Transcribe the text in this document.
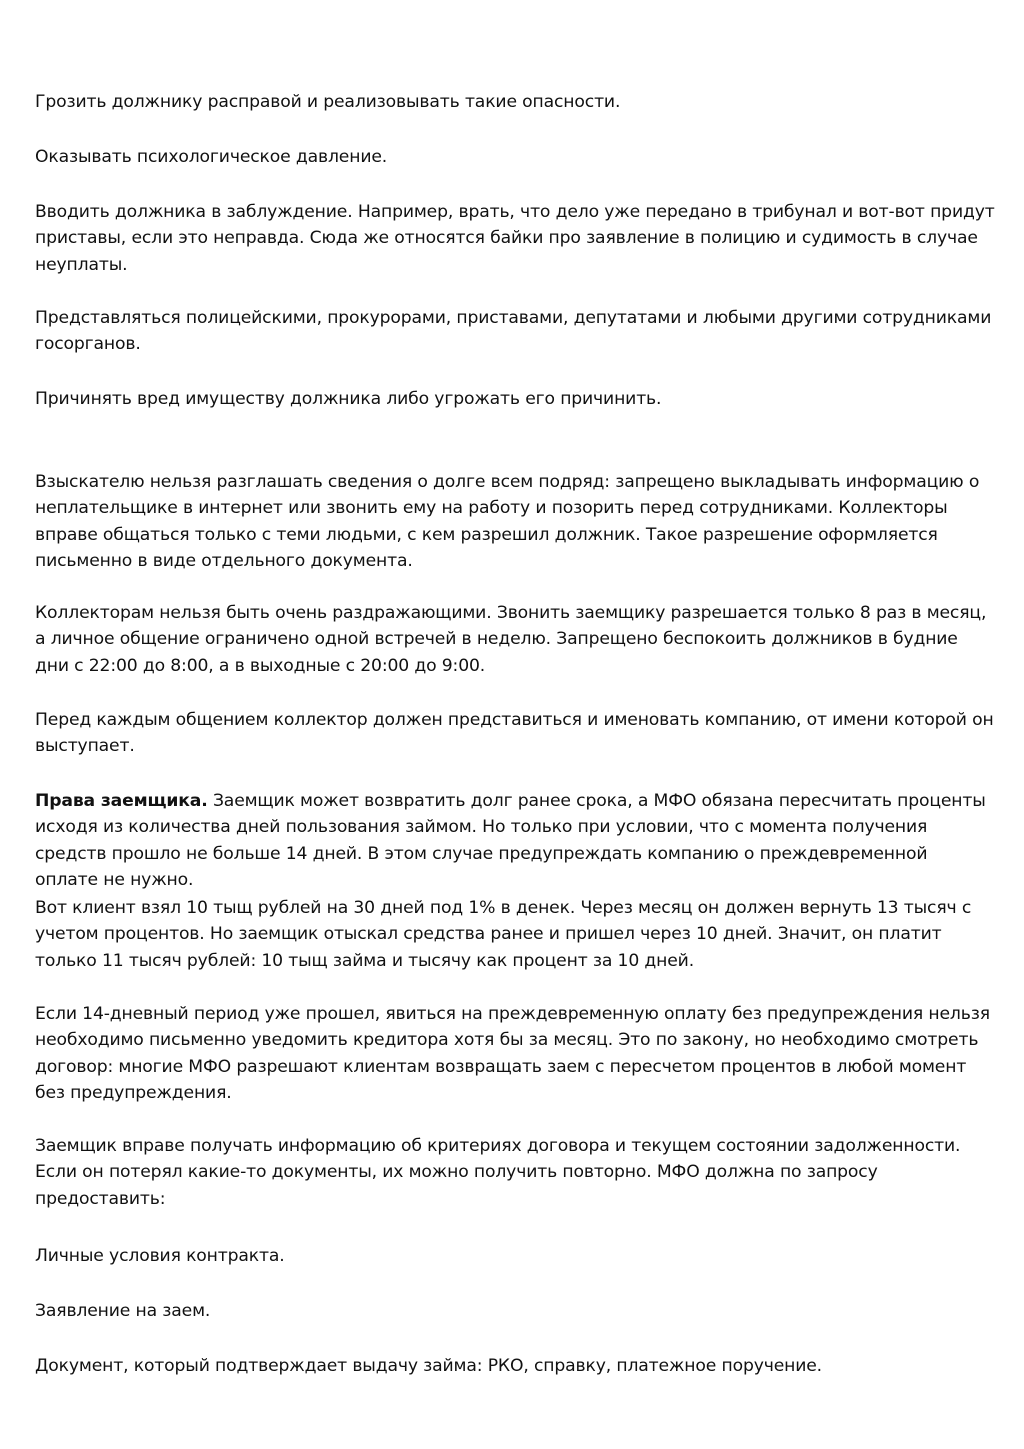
Грозить должнику расправой и реализовывать такие опасности.

Оказывать психологическое давление.

Вводить должника в заблуждение. Например, врать, что дело уже передано в трибунал и вот-вот придут приставы, если это неправда. Сюда же относятся байки про заявление в полицию и судимость в случае неуплаты.

Представляться полицейскими, прокурорами, приставами, депутатами и любыми другими сотрудниками госорганов.

Причинять вред имуществу должника либо угрожать его причинить.

Взыскателю нельзя разглашать сведения о долге всем подряд: запрещено выкладывать информацию о неплательщике в интернет или звонить ему на работу и позорить перед сотрудниками. Коллекторы вправе общаться только с теми людьми, с кем разрешил должник. Такое разрешение оформляется письменно в виде отдельного документа.

Коллекторам нельзя быть очень раздражающими. Звонить заемщику разрешается только 8 раз в месяц, а личное общение ограничено одной встречей в неделю. Запрещено беспокоить должников в будние дни с 22:00 до 8:00, а в выходные с 20:00 до 9:00.

Перед каждым общением коллектор должен представиться и именовать компанию, от имени которой он выступает.

Права заемщика. Заемщик может возвратить долг ранее срока, а МФО обязана пересчитать проценты исходя из количества дней пользования займом. Но только при условии, что с момента получения средств прошло не больше 14 дней. В этом случае предупреждать компанию о преждевременной оплате не нужно.

Вот клиент взял 10 тыщ рублей на 30 дней под 1% в денек. Через месяц он должен вернуть 13 тысяч с учетом процентов. Но заемщик отыскал средства ранее и пришел через 10 дней. Значит, он платит только 11 тысяч рублей: 10 тыщ займа и тысячу как процент за 10 дней.

Если 14-дневный период уже прошел, явиться на преждевременную оплату без предупреждения нельзя необходимо письменно уведомить кредитора хотя бы за месяц. Это по закону, но необходимо смотреть договор: многие МФО разрешают клиентам возвращать заем с пересчетом процентов в любой момент без предупреждения.

Заемщик вправе получать информацию об критериях договора и текущем состоянии задолженности. Если он потерял какие-то документы, их можно получить повторно. МФО должна по запросу предоставить:

Личные условия контракта.

Заявление на заем.

Документ, который подтверждает выдачу займа: РКО, справку, платежное поручение.
